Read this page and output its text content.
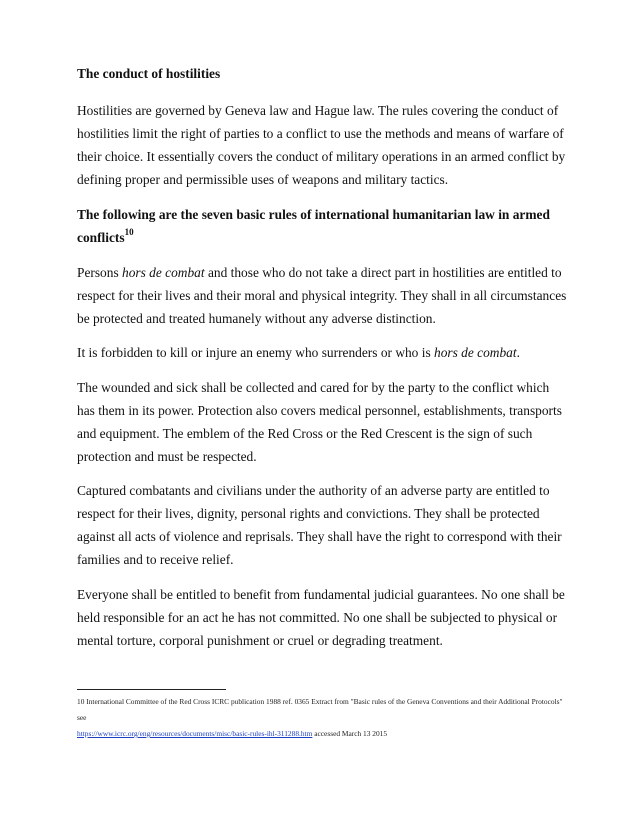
The conduct of hostilities
Hostilities are governed by Geneva law and Hague law. The rules covering the conduct of hostilities limit the right of parties to a conflict to use the methods and means of warfare of their choice. It essentially covers the conduct of military operations in an armed conflict by defining proper and permissible uses of weapons and military tactics.
The following are the seven basic rules of international humanitarian law in armed conflicts$^{10}$
Persons hors de combat and those who do not take a direct part in hostilities are entitled to respect for their lives and their moral and physical integrity. They shall in all circumstances be protected and treated humanely without any adverse distinction.
It is forbidden to kill or injure an enemy who surrenders or who is hors de combat.
The wounded and sick shall be collected and cared for by the party to the conflict which has them in its power. Protection also covers medical personnel, establishments, transports and equipment. The emblem of the Red Cross or the Red Crescent is the sign of such protection and must be respected.
Captured combatants and civilians under the authority of an adverse party are entitled to respect for their lives, dignity, personal rights and convictions. They shall be protected against all acts of violence and reprisals. They shall have the right to correspond with their families and to receive relief.
Everyone shall be entitled to benefit from fundamental judicial guarantees. No one shall be held responsible for an act he has not committed. No one shall be subjected to physical or mental torture, corporal punishment or cruel or degrading treatment.
10 International Committee of the Red Cross ICRC publication 1988 ref. 0365 Extract from "Basic rules of the Geneva Conventions and their Additional Protocols" see
https://www.icrc.org/eng/resources/documents/misc/basic-rules-ihl-311288.htm accessed March 13 2015
